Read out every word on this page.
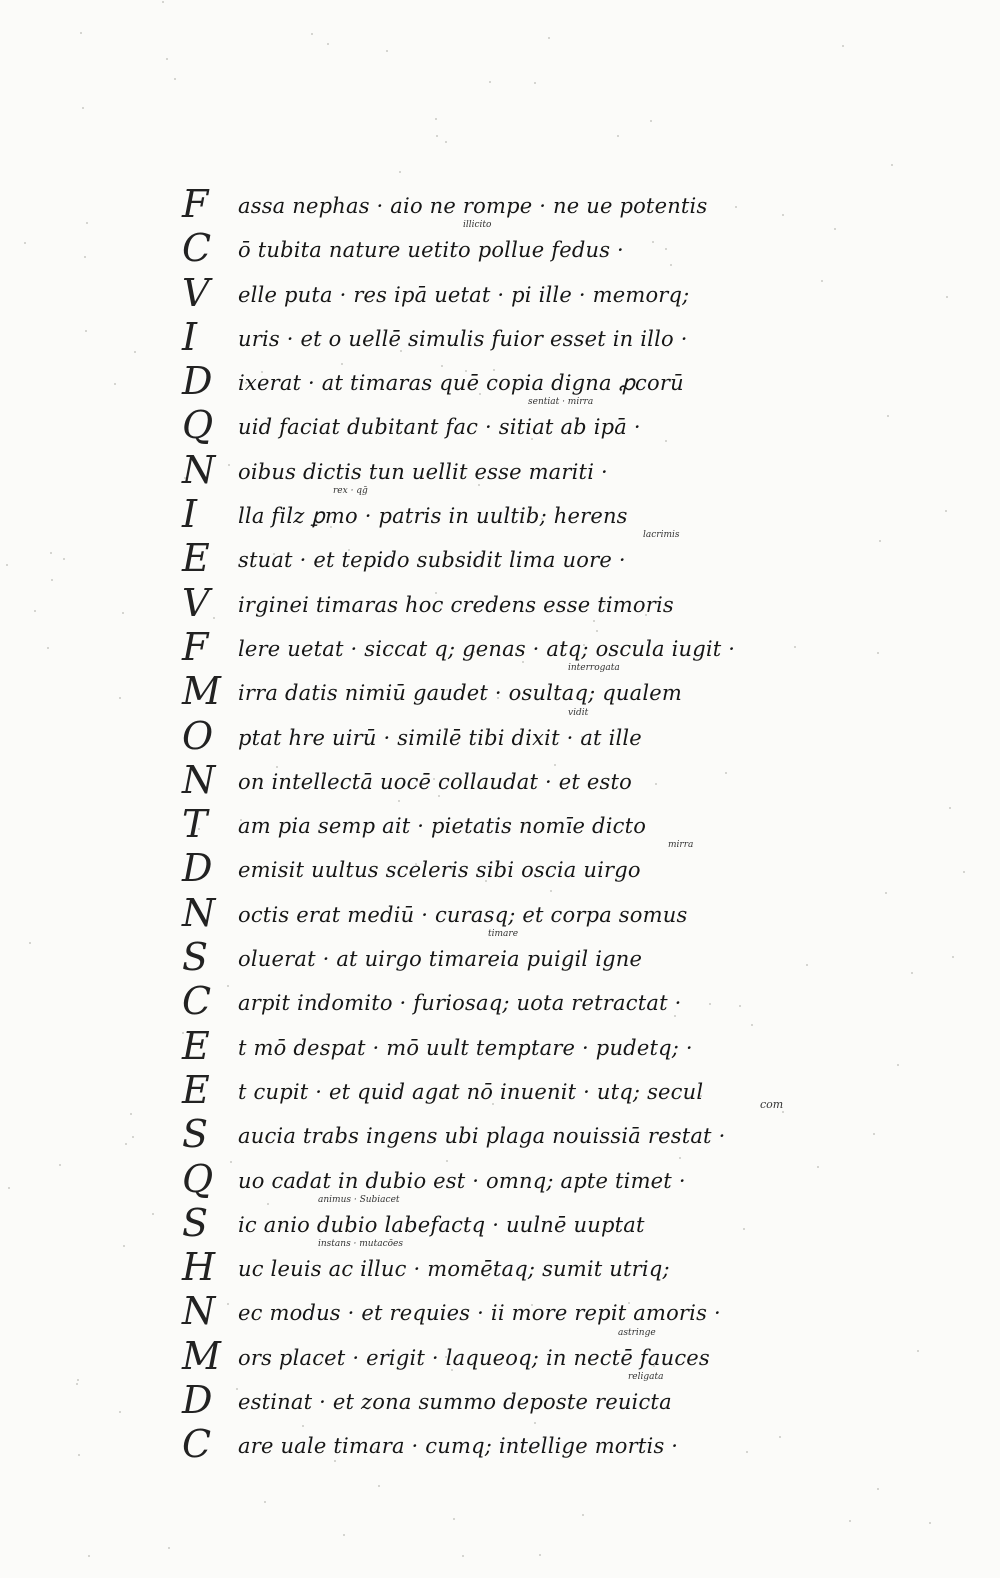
F	assa nephas · aio ne rompe · ne ue potentis
C	ō tubita nature uetito pollue fedus ·
illicito
V	elle puta · res ipā uetat · pi ille · memorq;
I	uris · et o uellē simulis fuior esset in illo ·
D	ixerat · at timaras quē copia digna ꝓcorū
Q	uid faciat dubitant fac · sitiat ab ipā ·
sentiat · mirra
N	oibus dictis tun uellit esse mariti ·
I	lla filz ꝑmo · patris in uultib; herens
rex · qḡ
E	stuat · et tepido subsidit lima uore ·
lacrimis
V	irginei timaras hoc credens esse timoris
F	lere uetat · siccat q; genas · atq; oscula iugit ·
M irra datis nimiū gaudet · osultaq; qualem
interrogata
O	ptat hre uirū · similē tibi dixit · at ille
vidit
N	on intellectā uocē collaudat · et esto
T	am pia semp ait · pietatis nomīe dicto
D	emisit uultus sceleris sibi oscia uirgo
mirra
N	octis erat mediū · curasq; et corpa somus
S	oluerat · at uirgo timareia puigil igne
timare
C	arpit indomito · furiosaq; uota retractat ·
E	t mō despat · mō uult temptare · pudetq; ·
E	t cupit · et quid agat nō inuenit · utq; secul
S	aucia trabs ingens ubi plaga nouissiā restat ·
Q	uo cadat in dubio est · omnq; apte timet ·
S	ic anio dubio labefactq · uulnē uuptat
animus · Subiacet
H	uc leuis ac illuc · momētaq; sumit utriq;
instans · mutacōes
N	ec modus · et requies · ii more repit amoris ·
M ors placet · erigit · laqueoq; in nectē fauces
astringe
D	estinat · et zona summo deposte reuicta
religata
C	are uale timara · cumq; intellige mortis ·
com
